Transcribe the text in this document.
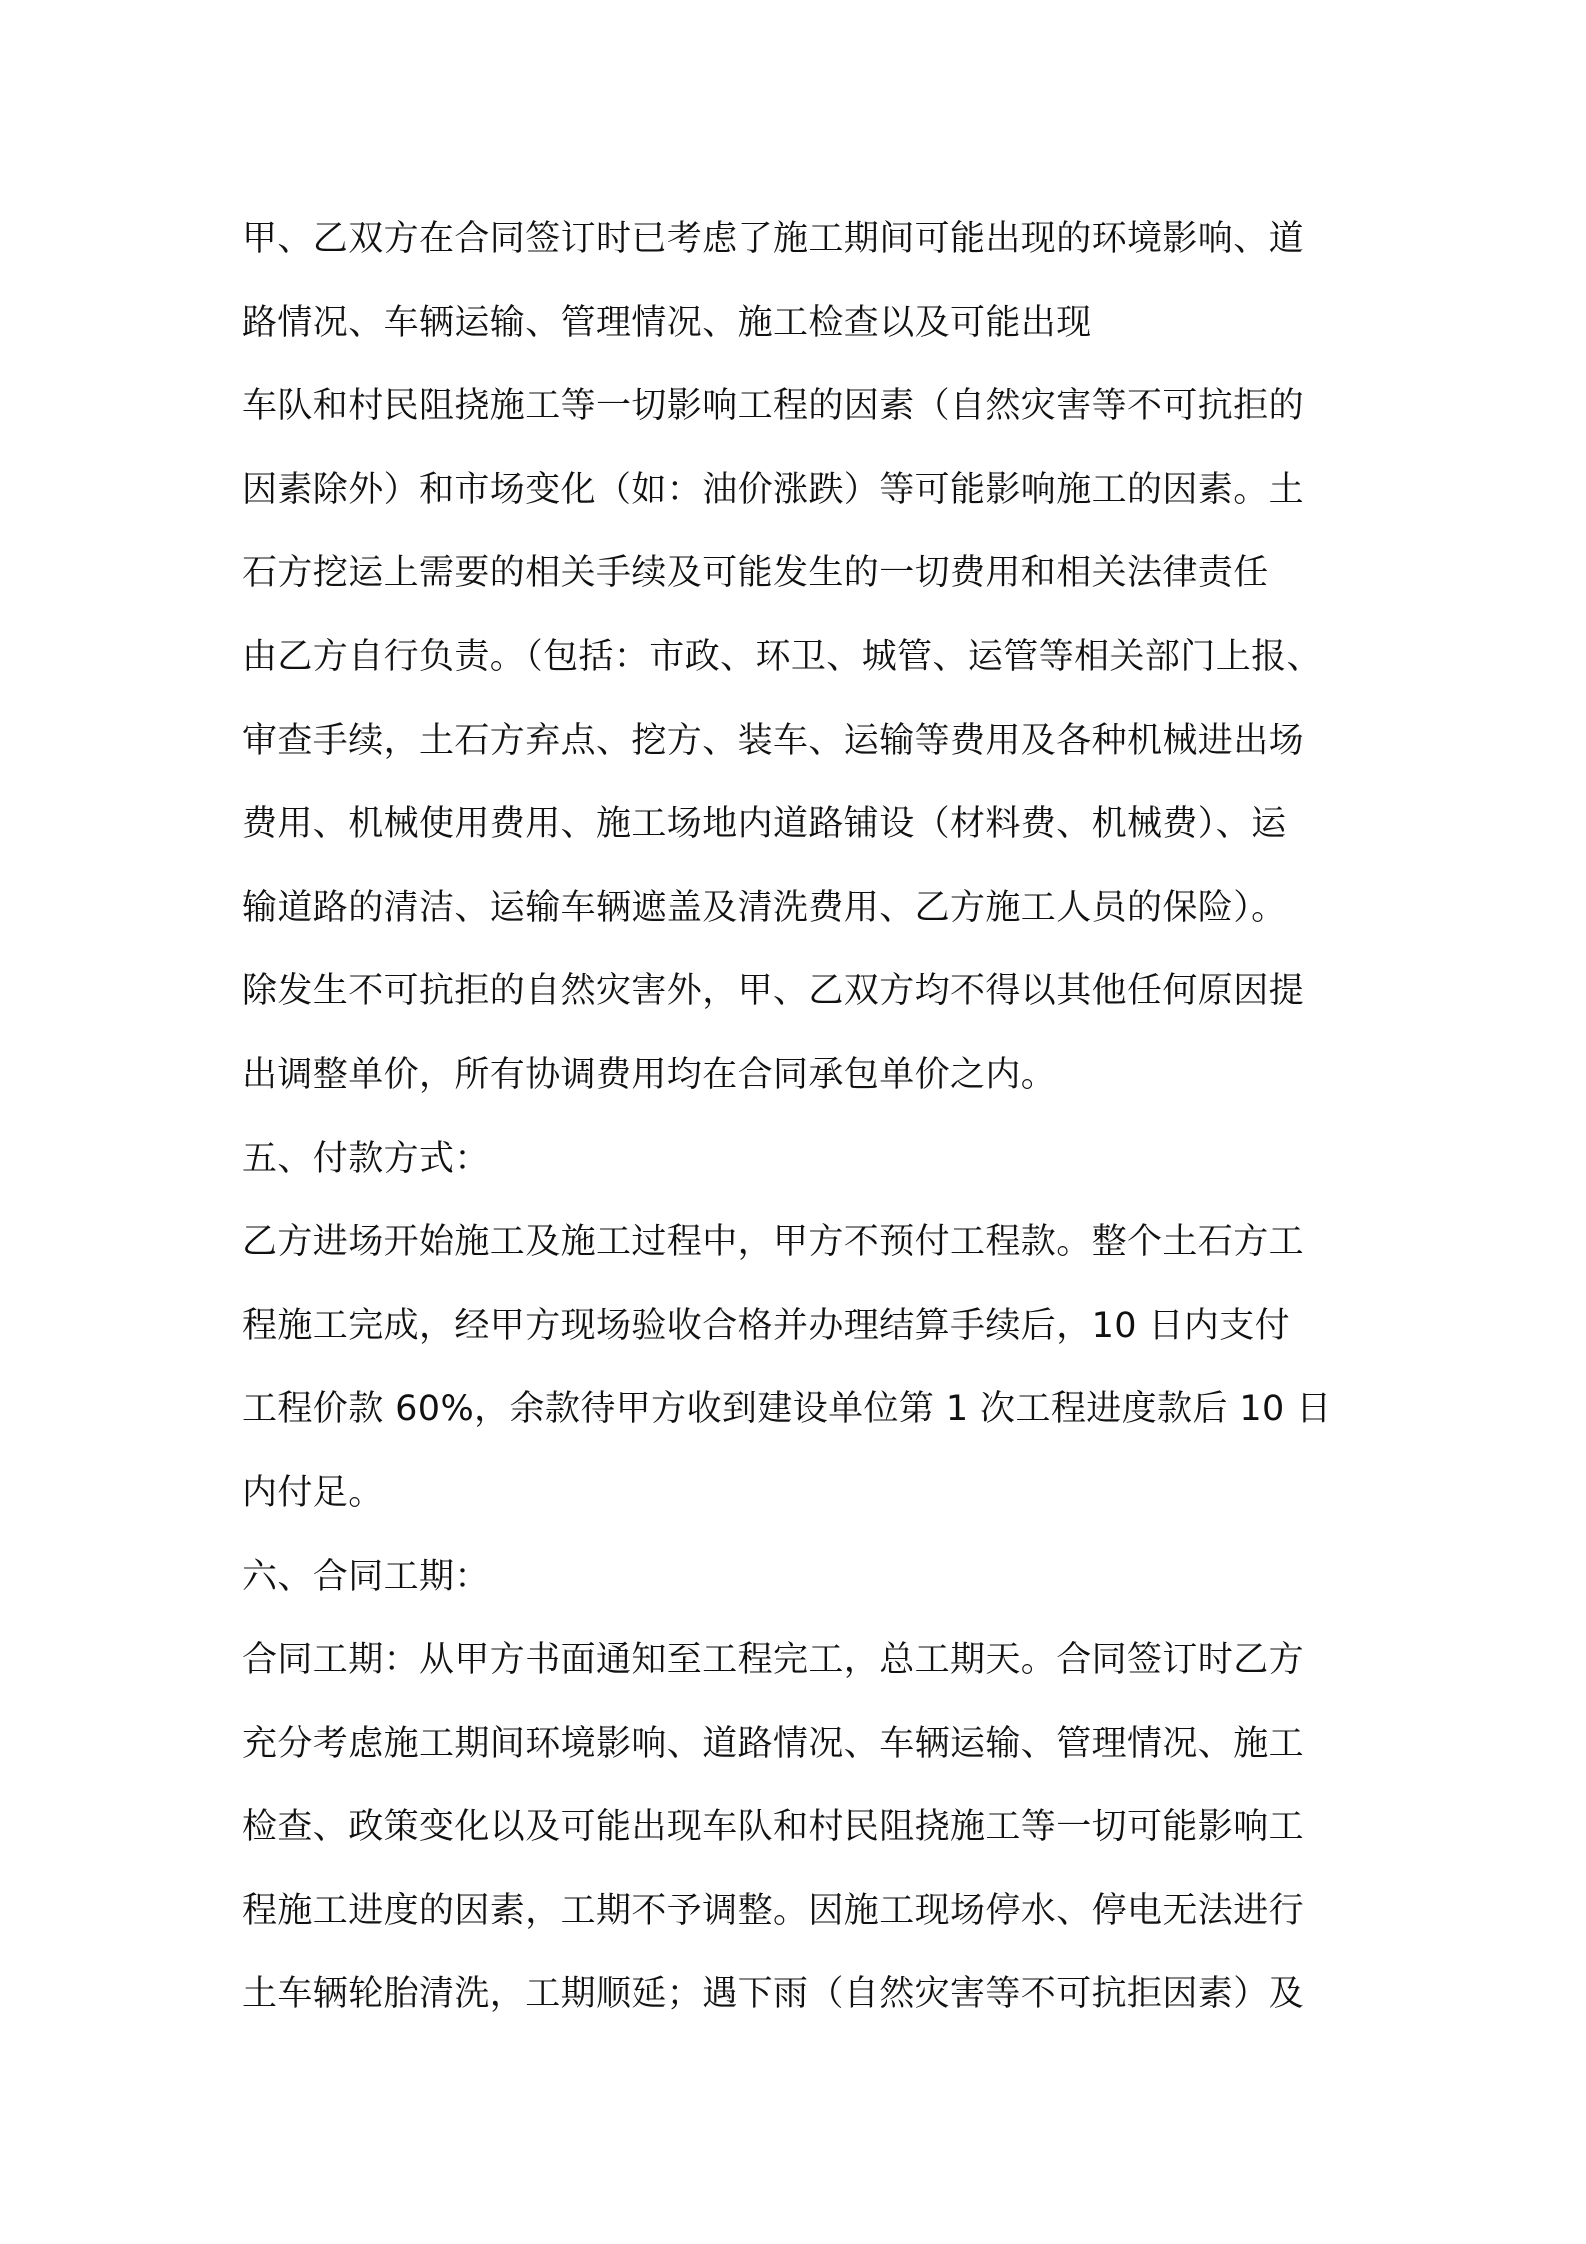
甲、乙双方在合同签订时已考虑了施工期间可能出现的环境影响、道
路情况、车辆运输、管理情况、施工检查以及可能出现
车队和村民阻挠施工等一切影响工程的因素（自然灾害等不可抗拒的
因素除外）和市场变化（如：油价涨跌）等可能影响施工的因素。土
石方挖运上需要的相关手续及可能发生的一切费用和相关法律责任
由乙方自行负责。（包括：市政、环卫、城管、运管等相关部门上报、
审查手续，土石方弃点、挖方、装车、运输等费用及各种机械进出场
费用、机械使用费用、施工场地内道路铺设（材料费、机械费）、运
输道路的清洁、运输车辆遮盖及清洗费用、乙方施工人员的保险）。
除发生不可抗拒的自然灾害外，甲、乙双方均不得以其他任何原因提
出调整单价，所有协调费用均在合同承包单价之内。
五、付款方式：
乙方进场开始施工及施工过程中，甲方不预付工程款。整个土石方工
程施工完成，经甲方现场验收合格并办理结算手续后，10 日内支付
工程价款 60%，余款待甲方收到建设单位第 1 次工程进度款后 10 日
内付足。
六、合同工期：
合同工期：从甲方书面通知至工程完工，总工期天。合同签订时乙方
充分考虑施工期间环境影响、道路情况、车辆运输、管理情况、施工
检查、政策变化以及可能出现车队和村民阻挠施工等一切可能影响工
程施工进度的因素，工期不予调整。因施工现场停水、停电无法进行
土车辆轮胎清洗，工期顺延；遇下雨（自然灾害等不可抗拒因素）及
